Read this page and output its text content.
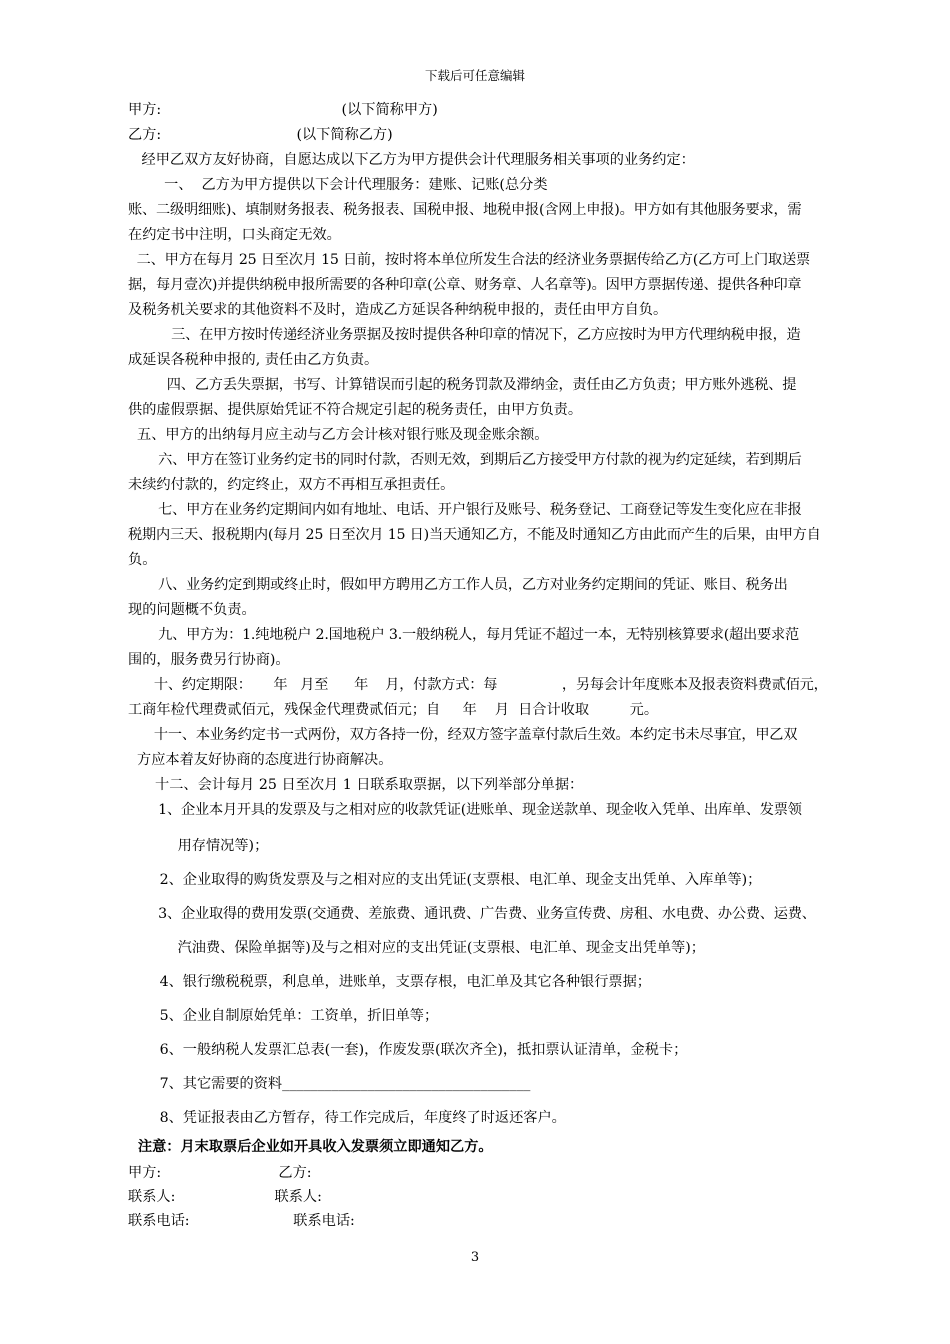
下载后可任意编辑
甲方:                                        (以下简称甲方)
乙方:                              (以下简称乙方)
经甲乙双方友好协商，自愿达成以下乙方为甲方提供会计代理服务相关事项的业务约定：
一、  乙方为甲方提供以下会计代理服务：建账、记账(总分类
账、二级明细账)、填制财务报表、税务报表、国税申报、地税申报(含网上申报)。甲方如有其他服务要求，需
在约定书中注明，口头商定无效。
二、甲方在每月 25 日至次月 15 日前，按时将本单位所发生合法的经济业务票据传给乙方(乙方可上门取送票
据，每月壹次)并提供纳税申报所需要的各种印章(公章、财务章、人名章等)。因甲方票据传递、提供各种印章
及税务机关要求的其他资料不及时，造成乙方延误各种纳税申报的，责任由甲方自负。
三、在甲方按时传递经济业务票据及按时提供各种印章的情况下，乙方应按时为甲方代理纳税申报，造
成延误各税种申报的, 责任由乙方负责。
四、乙方丢失票据，书写、计算错误而引起的税务罚款及滞纳金，责任由乙方负责；甲方账外逃税、提
供的虚假票据、提供原始凭证不符合规定引起的税务责任，由甲方负责。
五、甲方的出纳每月应主动与乙方会计核对银行账及现金账余额。
六、甲方在签订业务约定书的同时付款，否则无效，到期后乙方接受甲方付款的视为约定延续，若到期后
未续约付款的，约定终止，双方不再相互承担责任。
七、甲方在业务约定期间内如有地址、电话、开户银行及账号、税务登记、工商登记等发生变化应在非报
税期内三天、报税期内(每月 25 日至次月 15 日)当天通知乙方，不能及时通知乙方由此而产生的后果，由甲方自
负。
八、业务约定到期或终止时，假如甲方聘用乙方工作人员，乙方对业务约定期间的凭证、账目、税务出
现的问题概不负责。
九、甲方为：1.纯地税户 2.国地税户 3.一般纳税人，每月凭证不超过一本，无特别核算要求(超出要求范
围的，服务费另行协商)。
十、约定期限：     年   月至      年    月，付款方式：每               ，另每会计年度账本及报表资料费贰佰元，
工商年检代理费贰佰元，残保金代理费贰佰元；自     年    月  日合计收取         元。
十一、本业务约定书一式两份，双方各持一份，经双方签字盖章付款后生效。本约定书未尽事宜，甲乙双
方应本着友好协商的态度进行协商解决。
十二、会计每月 25 日至次月 1 日联系取票据，以下列举部分单据：
1、企业本月开具的发票及与之相对应的收款凭证(进账单、现金送款单、现金收入凭单、出库单、发票领
用存情况等)；
2、企业取得的购货发票及与之相对应的支出凭证(支票根、电汇单、现金支出凭单、入库单等)；
3、企业取得的费用发票(交通费、差旅费、通讯费、广告费、业务宣传费、房租、水电费、办公费、运费、
汽油费、保险单据等)及与之相对应的支出凭证(支票根、电汇单、现金支出凭单等)；
4、银行缴税税票，利息单，进账单，支票存根，电汇单及其它各种银行票据；
5、企业自制原始凭单：工资单，折旧单等；
6、一般纳税人发票汇总表(一套)，作废发票(联次齐全)，抵扣票认证清单，金税卡；
7、其它需要的资料___________________________________
8、凭证报表由乙方暂存，待工作完成后，年度终了时返还客户。
注意：月末取票后企业如开具收入发票须立即通知乙方。
甲方:                          乙方:
联系人:                      联系人:
联系电话:                       联系电话:
3
